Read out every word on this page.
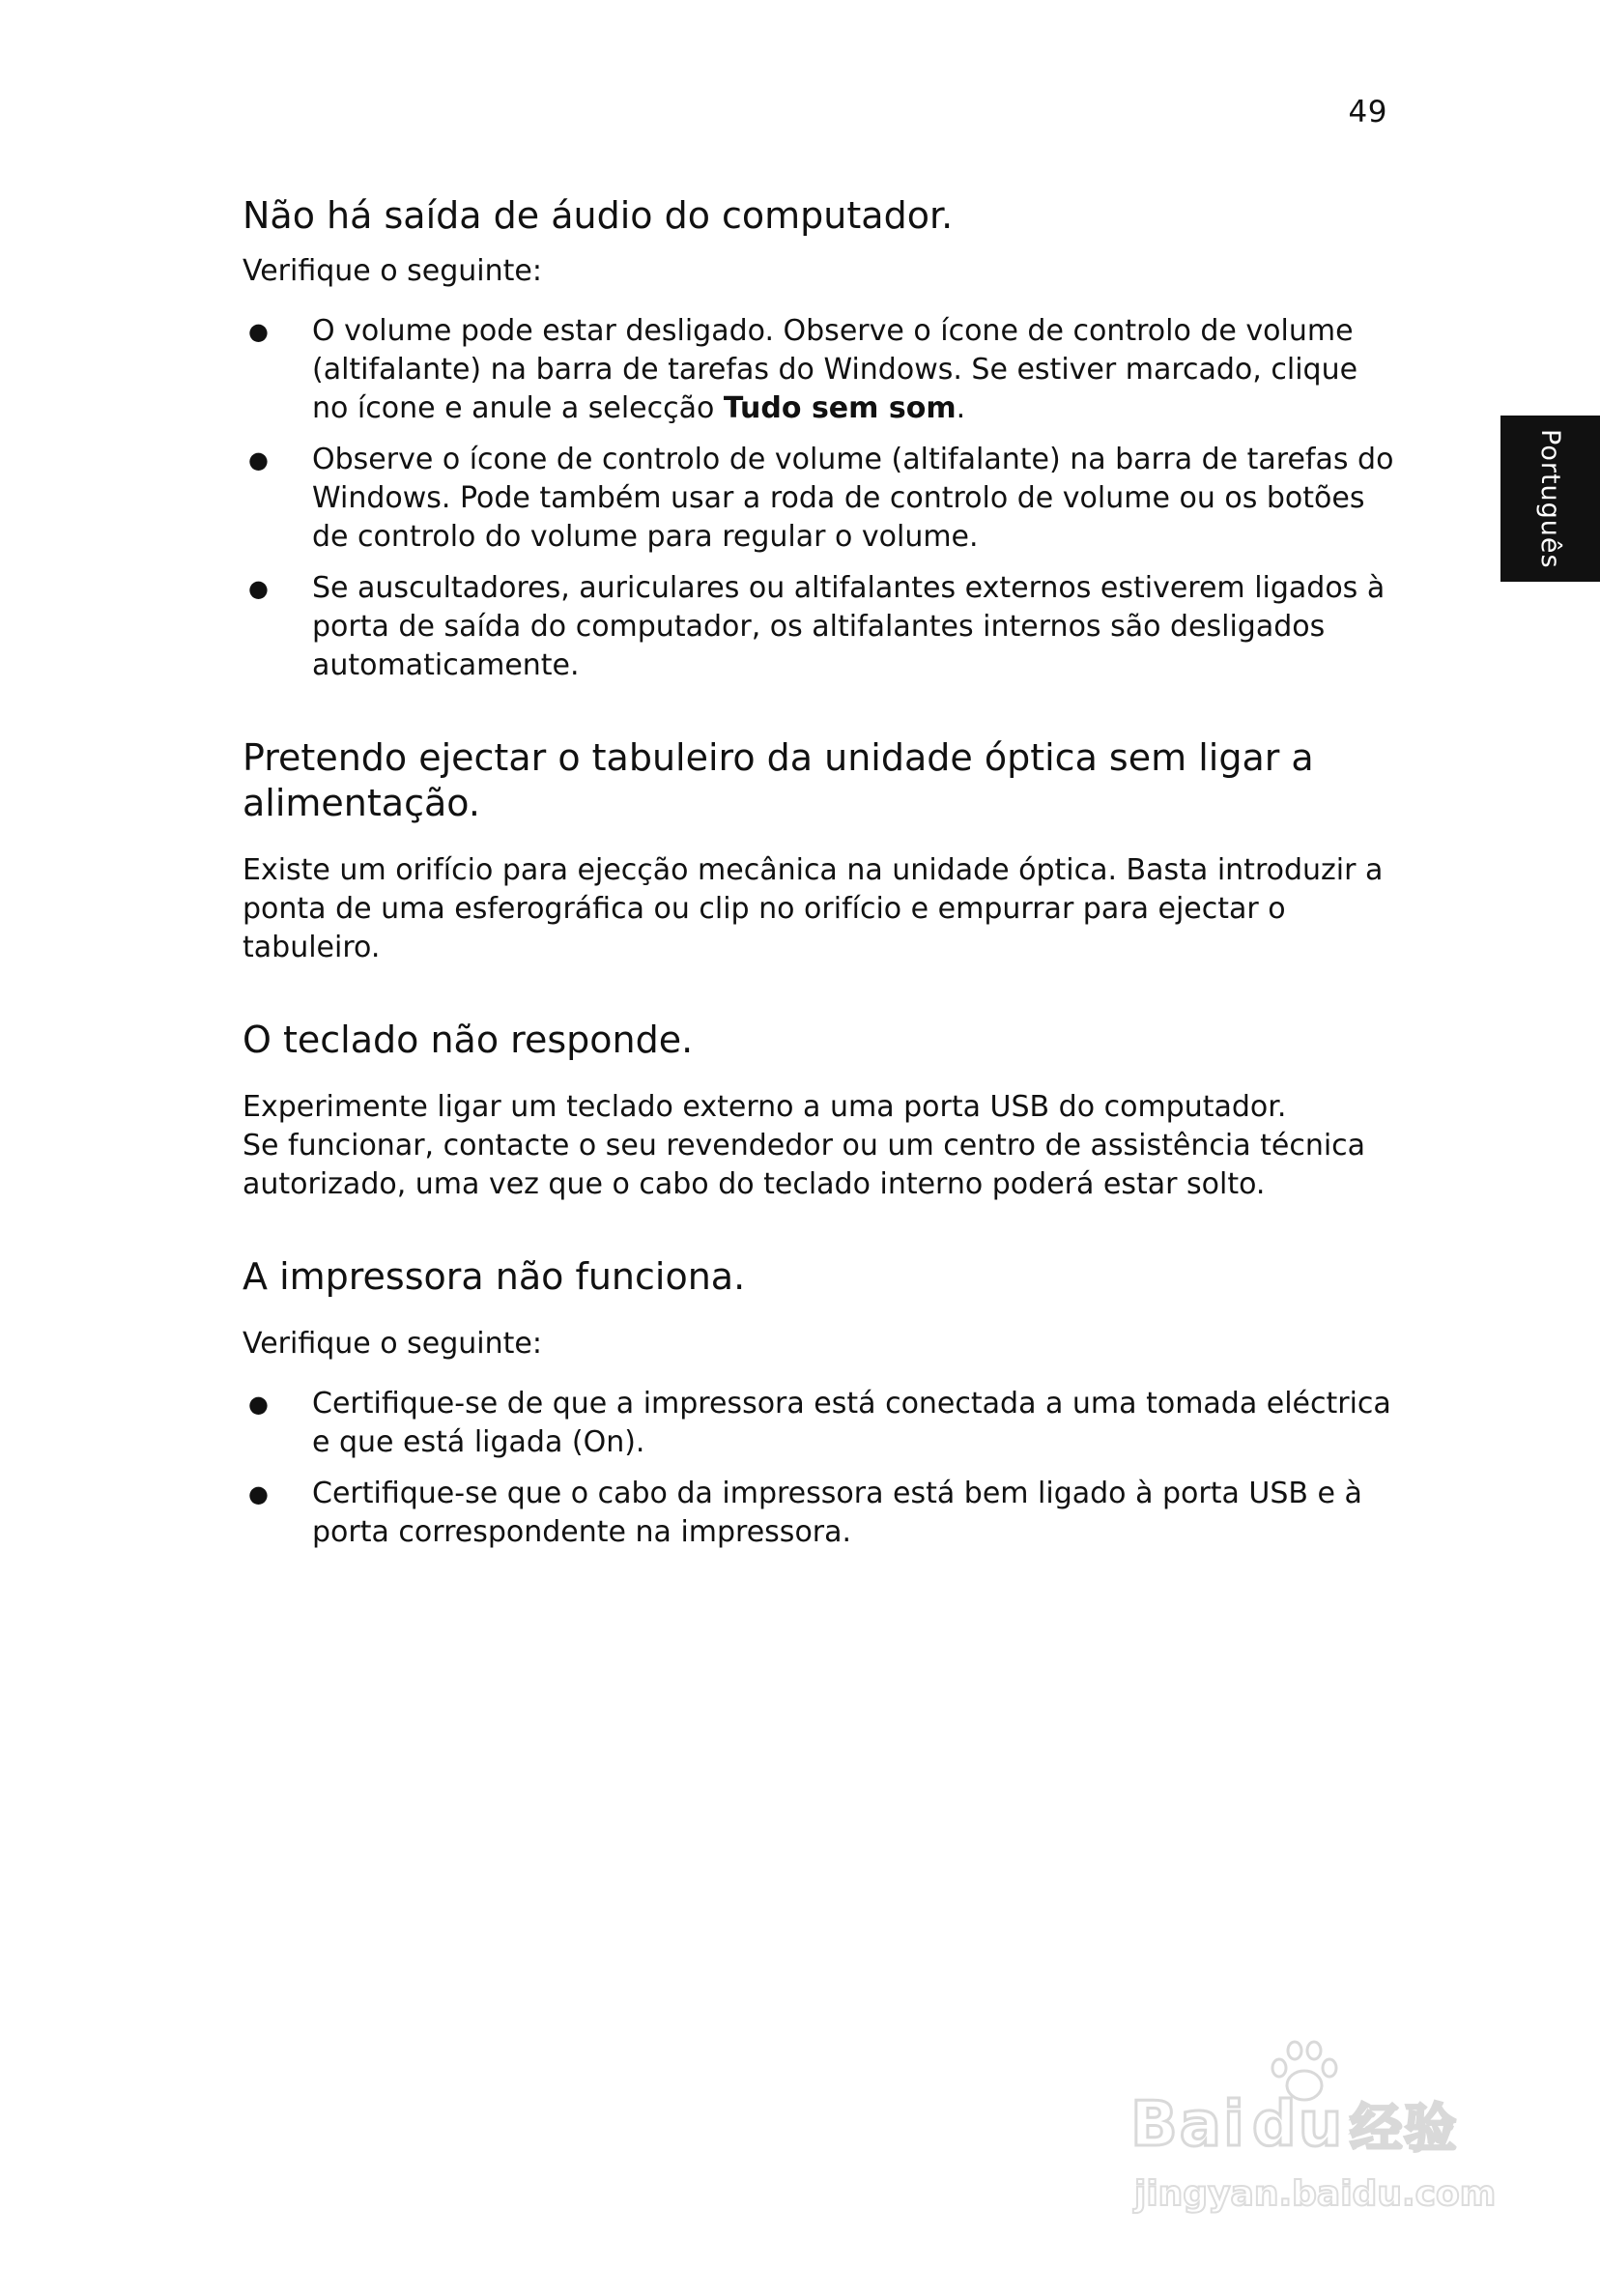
49
Português
Não há saída de áudio do computador.

Verifique o seguinte:

● O volume pode estar desligado. Observe o ícone de controlo de volume (altifalante) na barra de tarefas do Windows. Se estiver marcado, clique no ícone e anule a selecção Tudo sem som.
● Observe o ícone de controlo de volume (altifalante) na barra de tarefas do Windows. Pode também usar a roda de controlo de volume ou os botões de controlo do volume para regular o volume.
● Se auscultadores, auriculares ou altifalantes externos estiverem ligados à porta de saída do computador, os altifalantes internos são desligados automaticamente.
Pretendo ejectar o tabuleiro da unidade óptica sem ligar a alimentação.

Existe um orifício para ejecção mecânica na unidade óptica. Basta introduzir a ponta de uma esferográfica ou clip no orifício e empurrar para ejectar o tabuleiro.

O teclado não responde.

Experimente ligar um teclado externo a uma porta USB do computador.
Se funcionar, contacte o seu revendedor ou um centro de assistência técnica autorizado, uma vez que o cabo do teclado interno poderá estar solto.

A impressora não funciona.

Verifique o seguinte:

● Certifique-se de que a impressora está conectada a uma tomada eléctrica e que está ligada (On).
● Certifique-se que o cabo da impressora está bem ligado à porta USB e à porta correspondente na impressora.
Bai du 经验
jingyan.baidu.com
